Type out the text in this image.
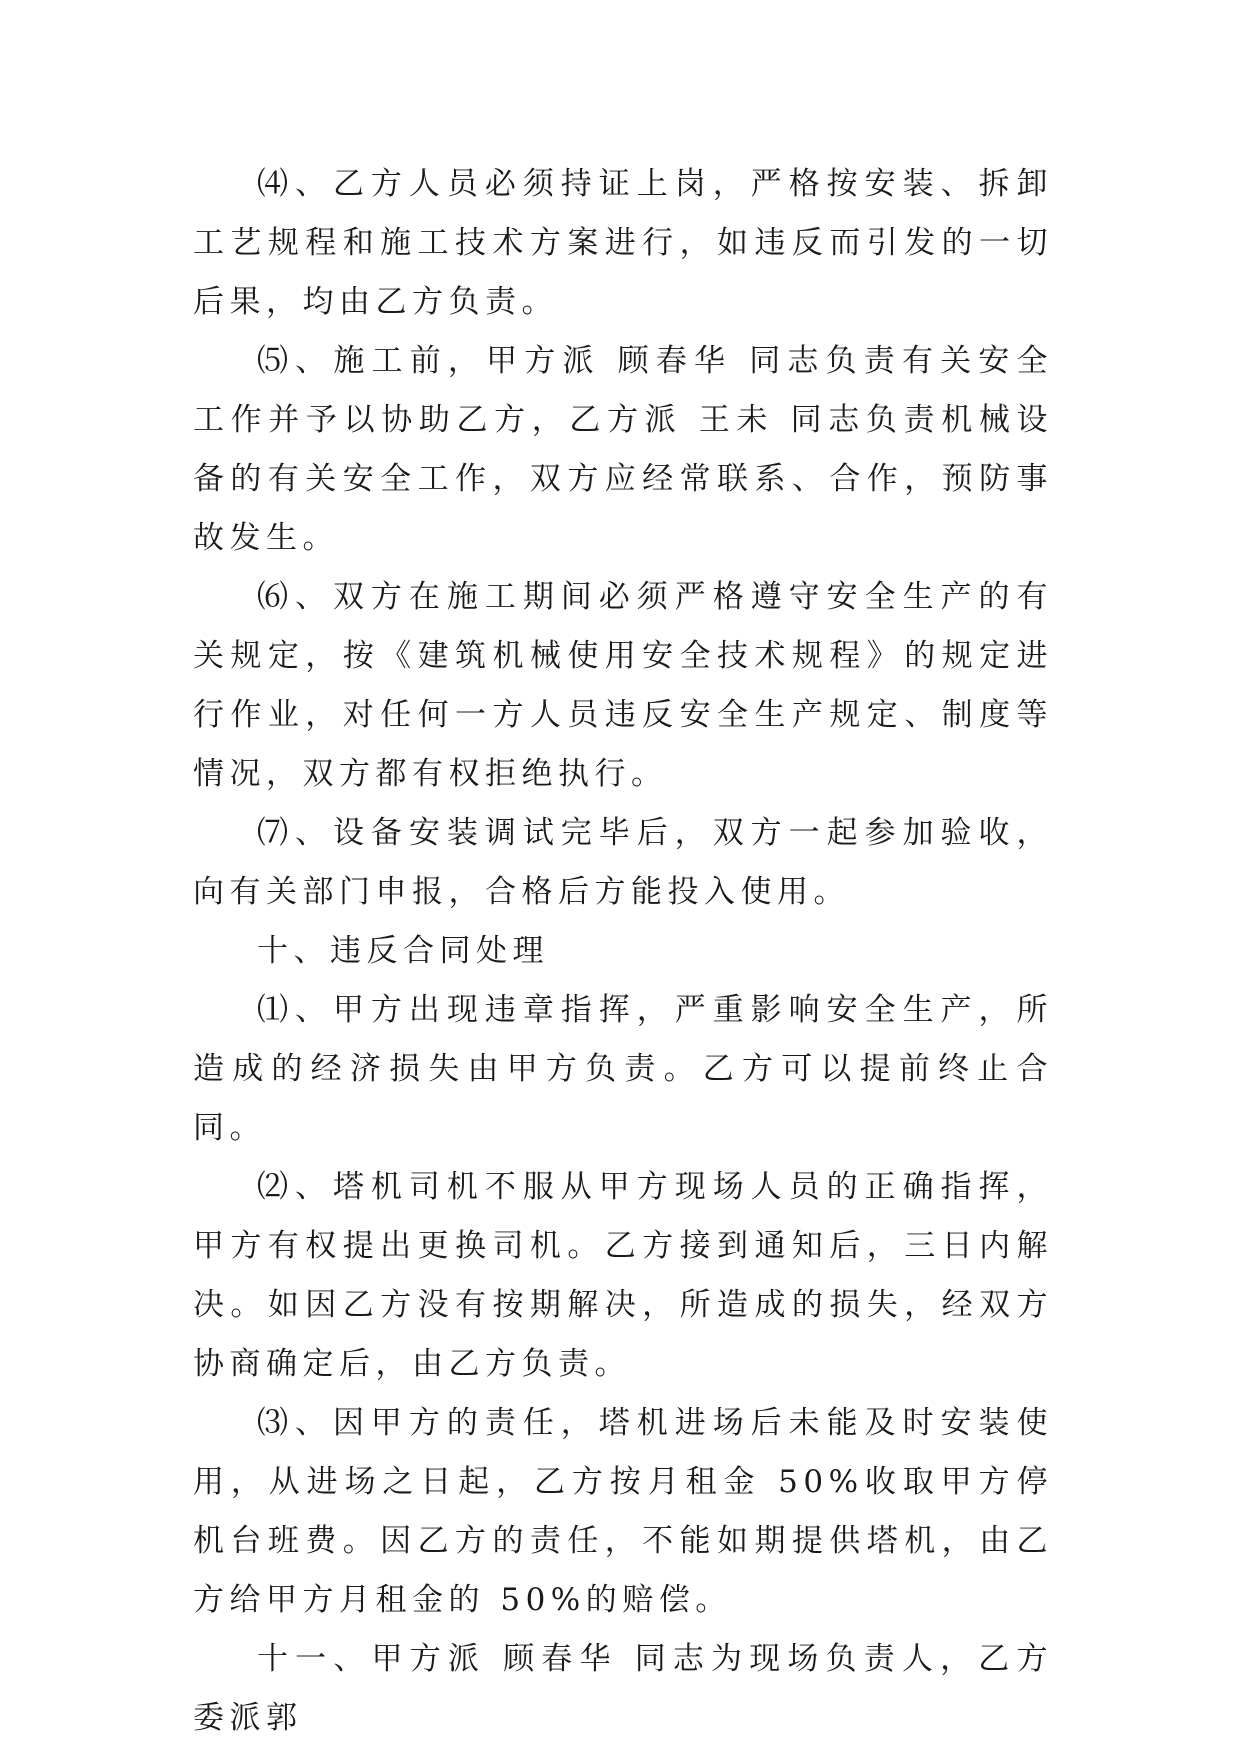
⑷、乙方人员必须持证上岗，严格按安装、拆卸工艺规程和施工技术方案进行，如违反而引发的一切后果，均由乙方负责。

⑸、施工前，甲方派 顾春华 同志负责有关安全工作并予以协助乙方，乙方派 王未 同志负责机械设备的有关安全工作，双方应经常联系、合作，预防事故发生。

⑹、双方在施工期间必须严格遵守安全生产的有关规定，按《建筑机械使用安全技术规程》的规定进行作业，对任何一方人员违反安全生产规定、制度等情况，双方都有权拒绝执行。

⑺、设备安装调试完毕后，双方一起参加验收，向有关部门申报，合格后方能投入使用。

十、违反合同处理

⑴、甲方出现违章指挥，严重影响安全生产，所造成的经济损失由甲方负责。乙方可以提前终止合同。

⑵、塔机司机不服从甲方现场人员的正确指挥，甲方有权提出更换司机。乙方接到通知后，三日内解决。如因乙方没有按期解决，所造成的损失，经双方协商确定后，由乙方负责。

⑶、因甲方的责任，塔机进场后未能及时安装使用，从进场之日起，乙方按月租金 50%收取甲方停机台班费。因乙方的责任，不能如期提供塔机，由乙方给甲方月租金的 50%的赔偿。

十一、甲方派 顾春华 同志为现场负责人，乙方委派郭
